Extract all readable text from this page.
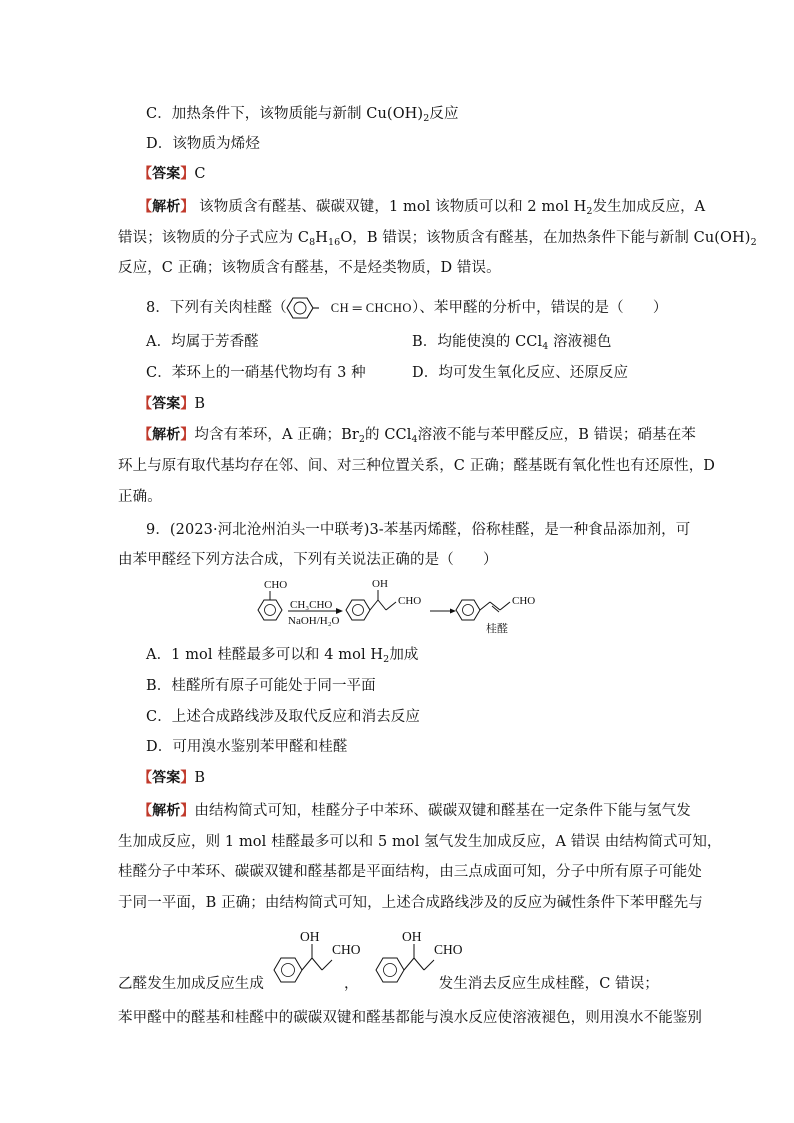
C．加热条件下，该物质能与新制 $Cu(OH)_2$反应
D．该物质为烯烃
【答案】C
【解析】 该物质含有醛基、碳碳双键，1 mol 该物质可以和 2 mol $H_2$发生加成反应，A
错误；该物质的分子式应为 $C_8H_{16}O$，B 错误；该物质含有醛基，在加热条件下能与新制 $Cu(OH)_2$
反应，C 正确；该物质含有醛基，不是烃类物质，D 错误。
8．下列有关肉桂醛（	CH ═ CHCHO）、苯甲醛的分析中，错误的是（　　）
A．均属于芳香醛	B．均能使溴的 CCl$_4$ 溶液褪色
C．苯环上的一硝基代物均有 3 种	D．均可发生氧化反应、还原反应
【答案】B
【解析】均含有苯环，A 正确；$Br_2$的 CCl$_4$溶液不能与苯甲醛反应，B 错误；硝基在苯
环上与原有取代基均存在邻、间、对三种位置关系，C 正确；醛基既有氧化性也有还原性，D
正确。
9．(2023·河北沧州泊头一中联考)3-苯基丙烯醛，俗称桂醛，是一种食品添加剂，可
由苯甲醛经下列方法合成，下列有关说法正确的是（　　）
CHO
CH₃CHO
NaOH/H₂O
OH
CHO	CHO
桂醛
A．1 mol 桂醛最多可以和 4 mol $H_2$加成
B．桂醛所有原子可能处于同一平面
C．上述合成路线涉及取代反应和消去反应
D．可用溴水鉴别苯甲醛和桂醛
【答案】B
【解析】由结构简式可知，桂醛分子中苯环、碳碳双键和醛基在一定条件下能与氢气发
生加成反应，则 1 mol 桂醛最多可以和 5 mol 氢气发生加成反应，A 错误 由结构简式可知，
桂醛分子中苯环、碳碳双键和醛基都是平面结构，由三点成面可知，分子中所有原子可能处
于同一平面，B 正确；由结构简式可知，上述合成路线涉及的反应为碱性条件下苯甲醛先与
乙醛发生加成反应生成	，	发生消去反应生成桂醛，C 错误；
OH
CHO
OH
CHO
苯甲醛中的醛基和桂醛中的碳碳双键和醛基都能与溴水反应使溶液褪色，则用溴水不能鉴别
